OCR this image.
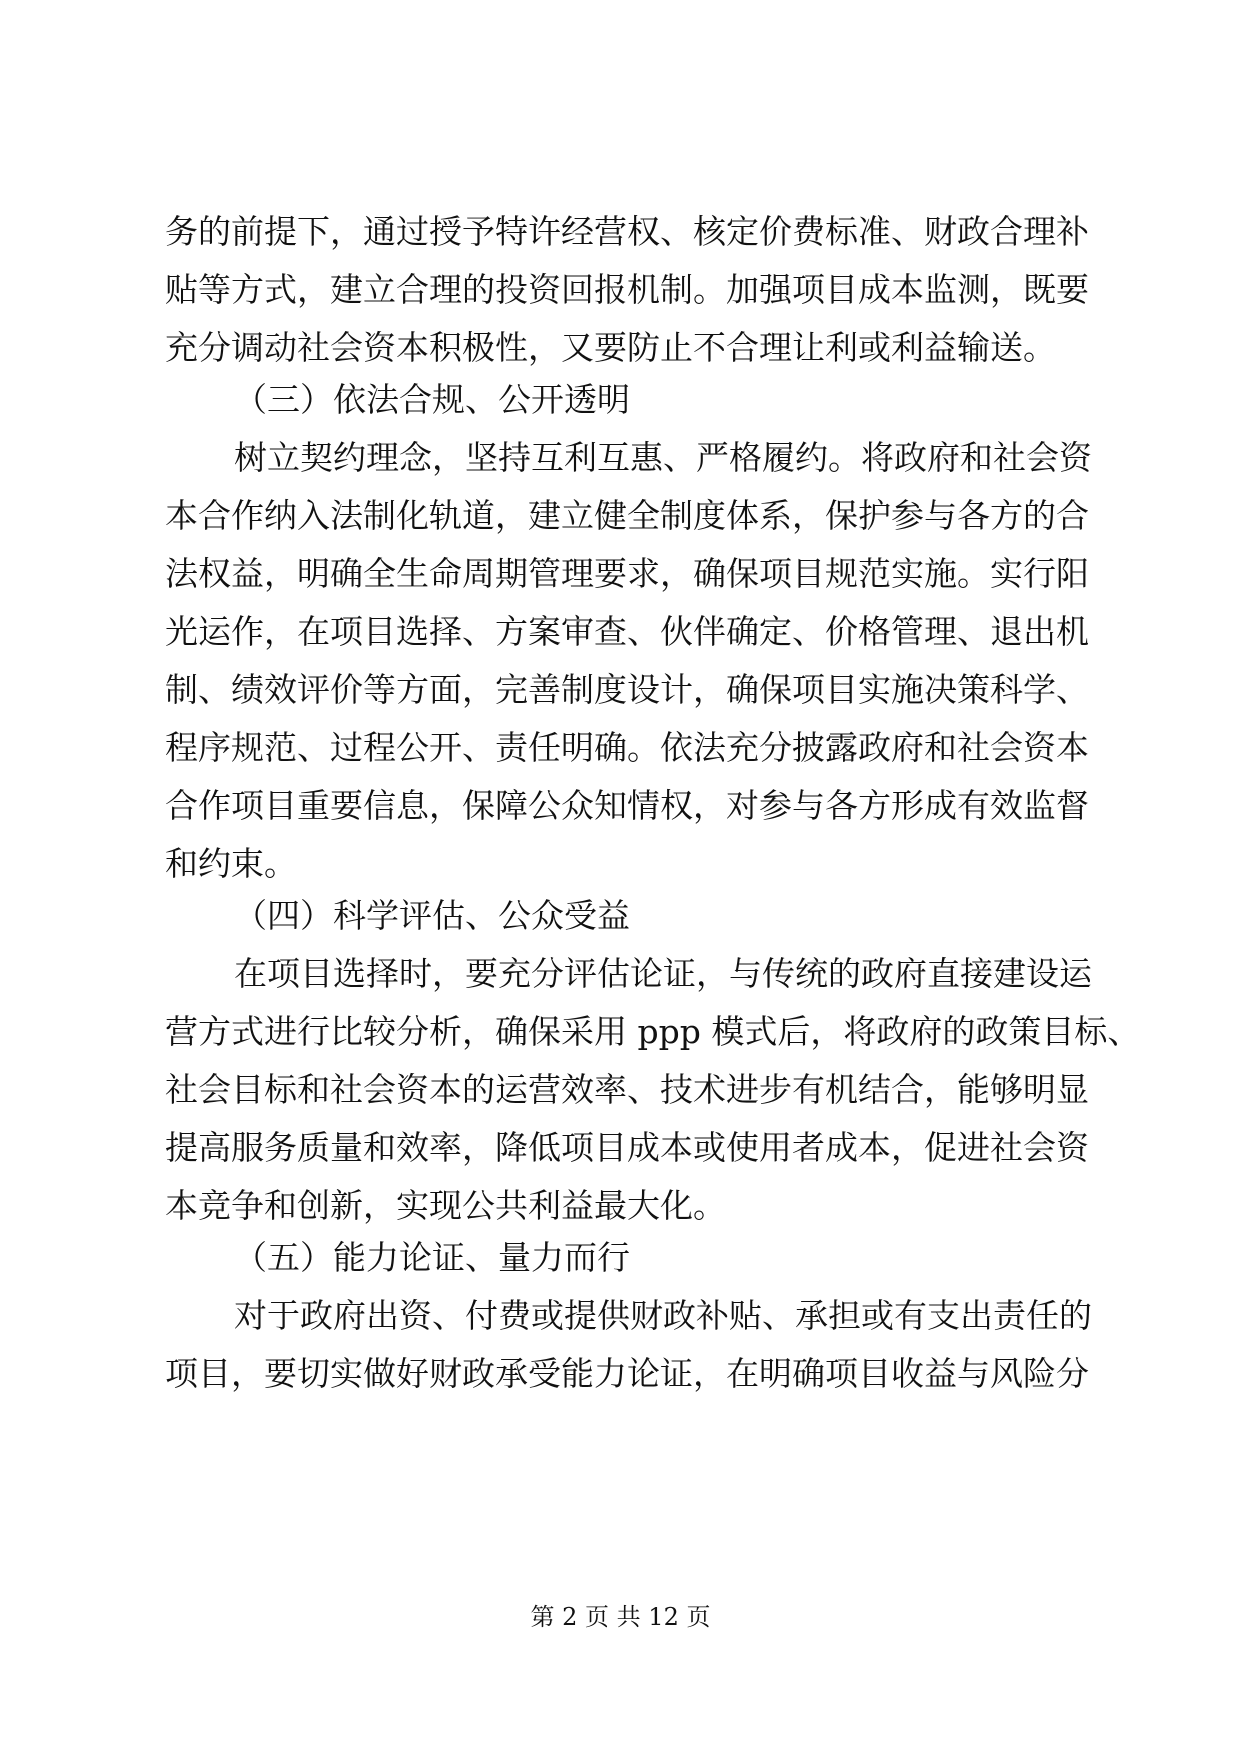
务的前提下，通过授予特许经营权、核定价费标准、财政合理补
贴等方式，建立合理的投资回报机制。加强项目成本监测，既要
充分调动社会资本积极性，又要防止不合理让利或利益输送。
（三）依法合规、公开透明
树立契约理念，坚持互利互惠、严格履约。将政府和社会资
本合作纳入法制化轨道，建立健全制度体系，保护参与各方的合
法权益，明确全生命周期管理要求，确保项目规范实施。实行阳
光运作，在项目选择、方案审查、伙伴确定、价格管理、退出机
制、绩效评价等方面，完善制度设计，确保项目实施决策科学、
程序规范、过程公开、责任明确。依法充分披露政府和社会资本
合作项目重要信息，保障公众知情权，对参与各方形成有效监督
和约束。
（四）科学评估、公众受益
在项目选择时，要充分评估论证，与传统的政府直接建设运
营方式进行比较分析，确保采用 ppp 模式后，将政府的政策目标、
社会目标和社会资本的运营效率、技术进步有机结合，能够明显
提高服务质量和效率，降低项目成本或使用者成本，促进社会资
本竞争和创新，实现公共利益最大化。
（五）能力论证、量力而行
对于政府出资、付费或提供财政补贴、承担或有支出责任的
项目，要切实做好财政承受能力论证，在明确项目收益与风险分
第 2 页 共 12 页
